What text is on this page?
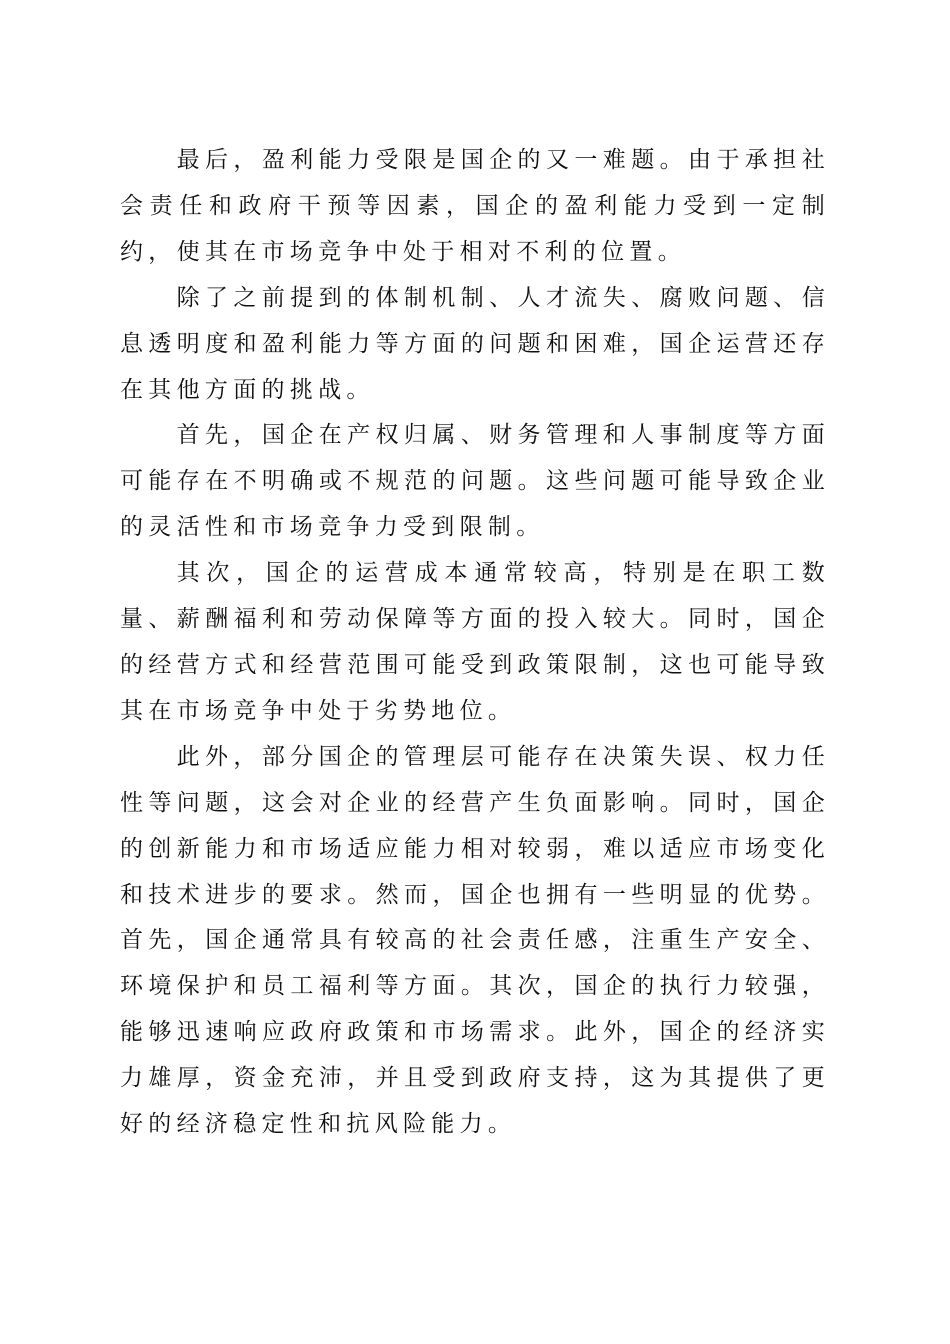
最后，盈利能力受限是国企的又一难题。由于承担社会责任和政府干预等因素，国企的盈利能力受到一定制约，使其在市场竞争中处于相对不利的位置。

除了之前提到的体制机制、人才流失、腐败问题、信息透明度和盈利能力等方面的问题和困难，国企运营还存在其他方面的挑战。

首先，国企在产权归属、财务管理和人事制度等方面可能存在不明确或不规范的问题。这些问题可能导致企业的灵活性和市场竞争力受到限制。

其次，国企的运营成本通常较高，特别是在职工数量、薪酬福利和劳动保障等方面的投入较大。同时，国企的经营方式和经营范围可能受到政策限制，这也可能导致其在市场竞争中处于劣势地位。

此外，部分国企的管理层可能存在决策失误、权力任性等问题，这会对企业的经营产生负面影响。同时，国企的创新能力和市场适应能力相对较弱，难以适应市场变化和技术进步的要求。然而，国企也拥有一些明显的优势。首先，国企通常具有较高的社会责任感，注重生产安全、环境保护和员工福利等方面。其次，国企的执行力较强，能够迅速响应政府政策和市场需求。此外，国企的经济实力雄厚，资金充沛，并且受到政府支持，这为其提供了更好的经济稳定性和抗风险能力。
